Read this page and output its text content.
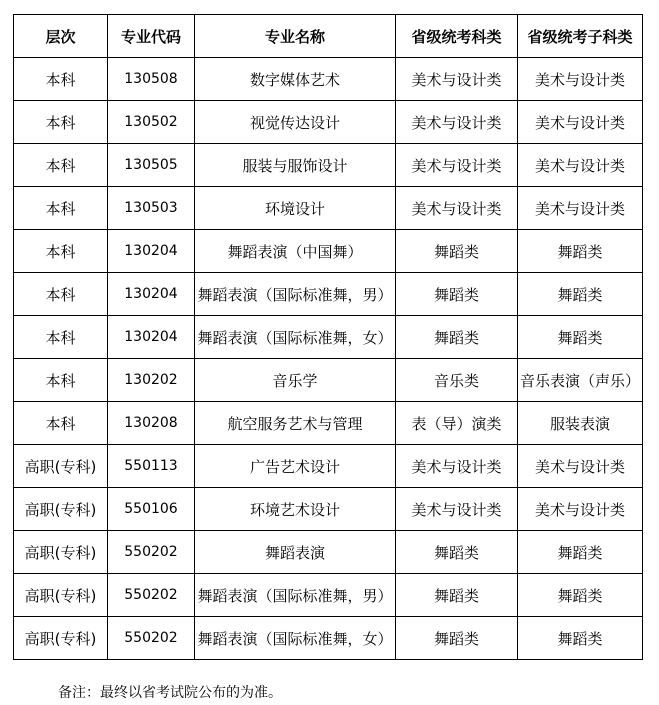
层次	专业代码	专业名称	省级统考科类	省级统考子科类
本科	130508	数字媒体艺术	美术与设计类	美术与设计类
本科	130502	视觉传达设计	美术与设计类	美术与设计类
本科	130505	服装与服饰设计	美术与设计类	美术与设计类
本科	130503	环境设计	美术与设计类	美术与设计类
本科	130204	舞蹈表演（中国舞）	舞蹈类	舞蹈类
本科	130204	舞蹈表演（国际标准舞，男）	舞蹈类	舞蹈类
本科	130204	舞蹈表演（国际标准舞，女）	舞蹈类	舞蹈类
本科	130202	音乐学	音乐类	音乐表演（声乐）
本科	130208	航空服务艺术与管理	表（导）演类	服装表演
高职(专科)	550113	广告艺术设计	美术与设计类	美术与设计类
高职(专科)	550106	环境艺术设计	美术与设计类	美术与设计类
高职(专科)	550202	舞蹈表演	舞蹈类	舞蹈类
高职(专科)	550202	舞蹈表演（国际标准舞，男）	舞蹈类	舞蹈类
高职(专科)	550202	舞蹈表演（国际标准舞，女）	舞蹈类	舞蹈类
备注：最终以省考试院公布的为准。
